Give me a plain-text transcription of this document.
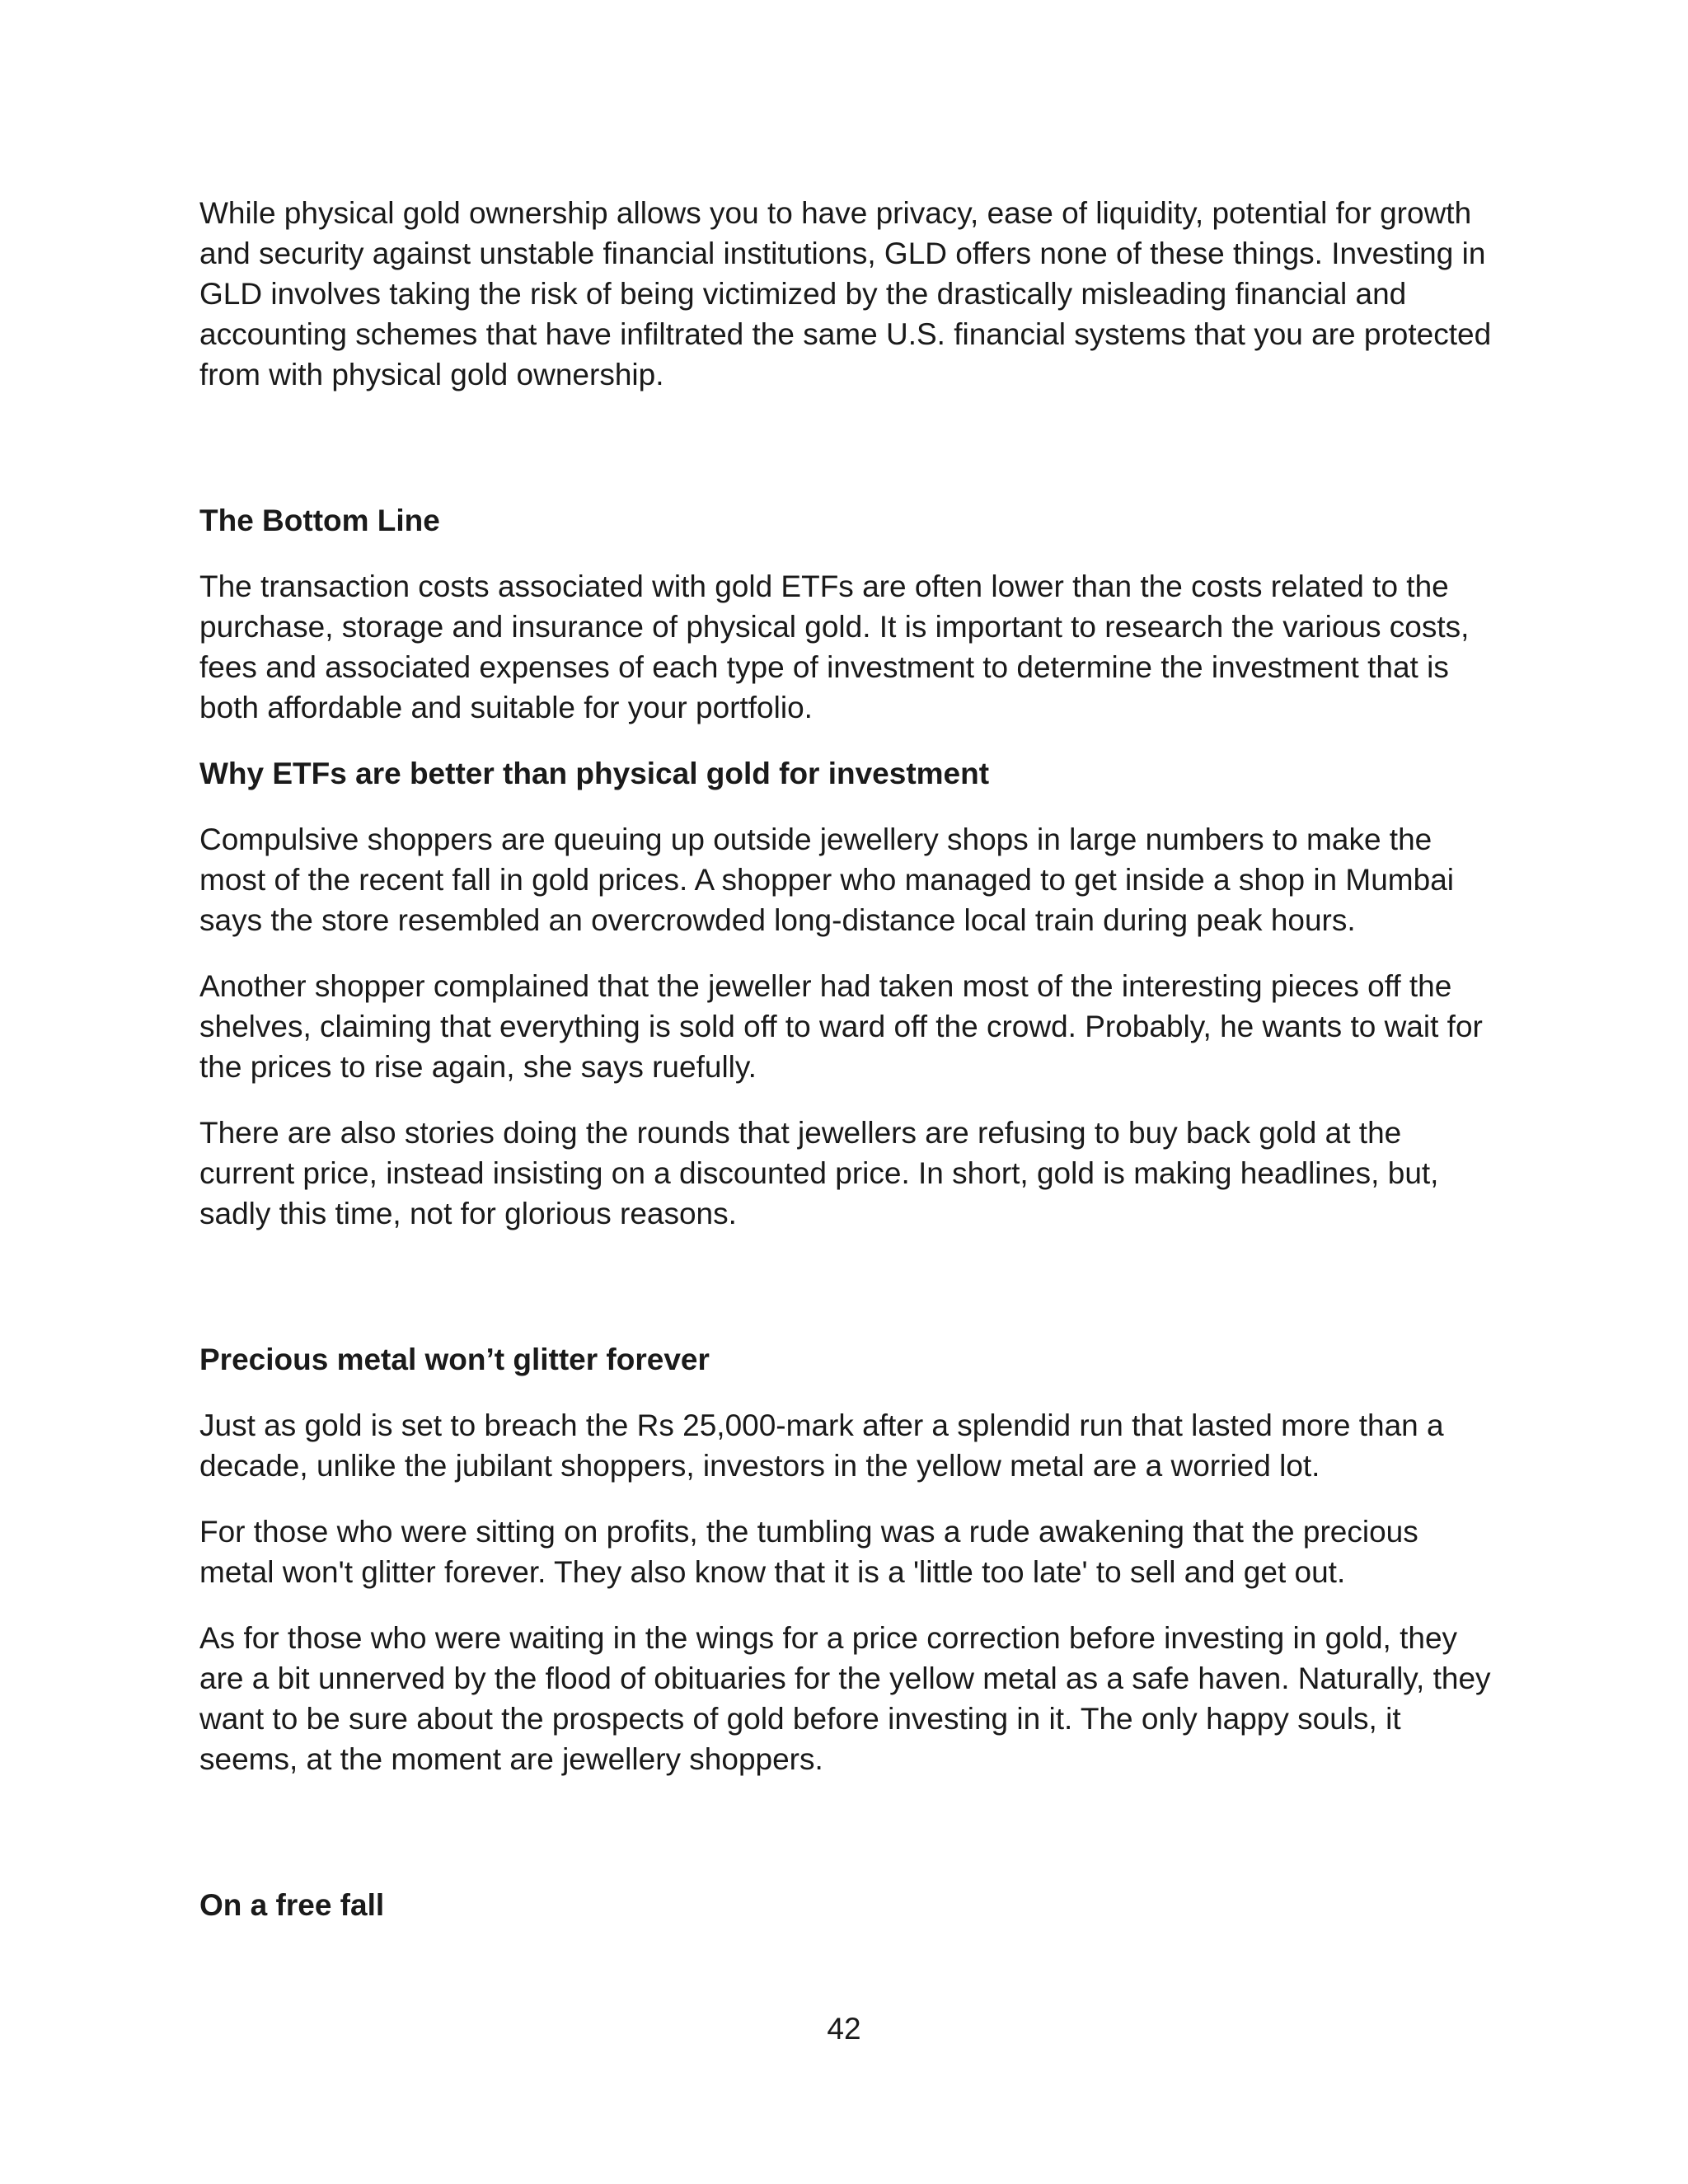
While physical gold ownership allows you to have privacy, ease of liquidity, potential for growth
and security against unstable financial institutions, GLD offers none of these things. Investing in
GLD involves taking the risk of being victimized by the drastically misleading financial and
accounting schemes that have infiltrated the same U.S. financial systems that you are protected
from with physical gold ownership.

The Bottom Line

The transaction costs associated with gold ETFs are often lower than the costs related to the
purchase, storage and insurance of physical gold. It is important to research the various costs,
fees and associated expenses of each type of investment to determine the investment that is
both affordable and suitable for your portfolio.

Why ETFs are better than physical gold for investment

Compulsive shoppers are queuing up outside jewellery shops in large numbers to make the
most of the recent fall in gold prices. A shopper who managed to get inside a shop in Mumbai
says the store resembled an overcrowded long-distance local train during peak hours.

Another shopper complained that the jeweller had taken most of the interesting pieces off the
shelves, claiming that everything is sold off to ward off the crowd. Probably, he wants to wait for
the prices to rise again, she says ruefully.

There are also stories doing the rounds that jewellers are refusing to buy back gold at the
current price, instead insisting on a discounted price. In short, gold is making headlines, but,
sadly this time, not for glorious reasons.

Precious metal won’t glitter forever

Just as gold is set to breach the Rs 25,000-mark after a splendid run that lasted more than a
decade, unlike the jubilant shoppers, investors in the yellow metal are a worried lot.

For those who were sitting on profits, the tumbling was a rude awakening that the precious
metal won't glitter forever. They also know that it is a 'little too late' to sell and get out.

As for those who were waiting in the wings for a price correction before investing in gold, they
are a bit unnerved by the flood of obituaries for the yellow metal as a safe haven. Naturally, they
want to be sure about the prospects of gold before investing in it. The only happy souls, it
seems, at the moment are jewellery shoppers.

On a free fall
42
